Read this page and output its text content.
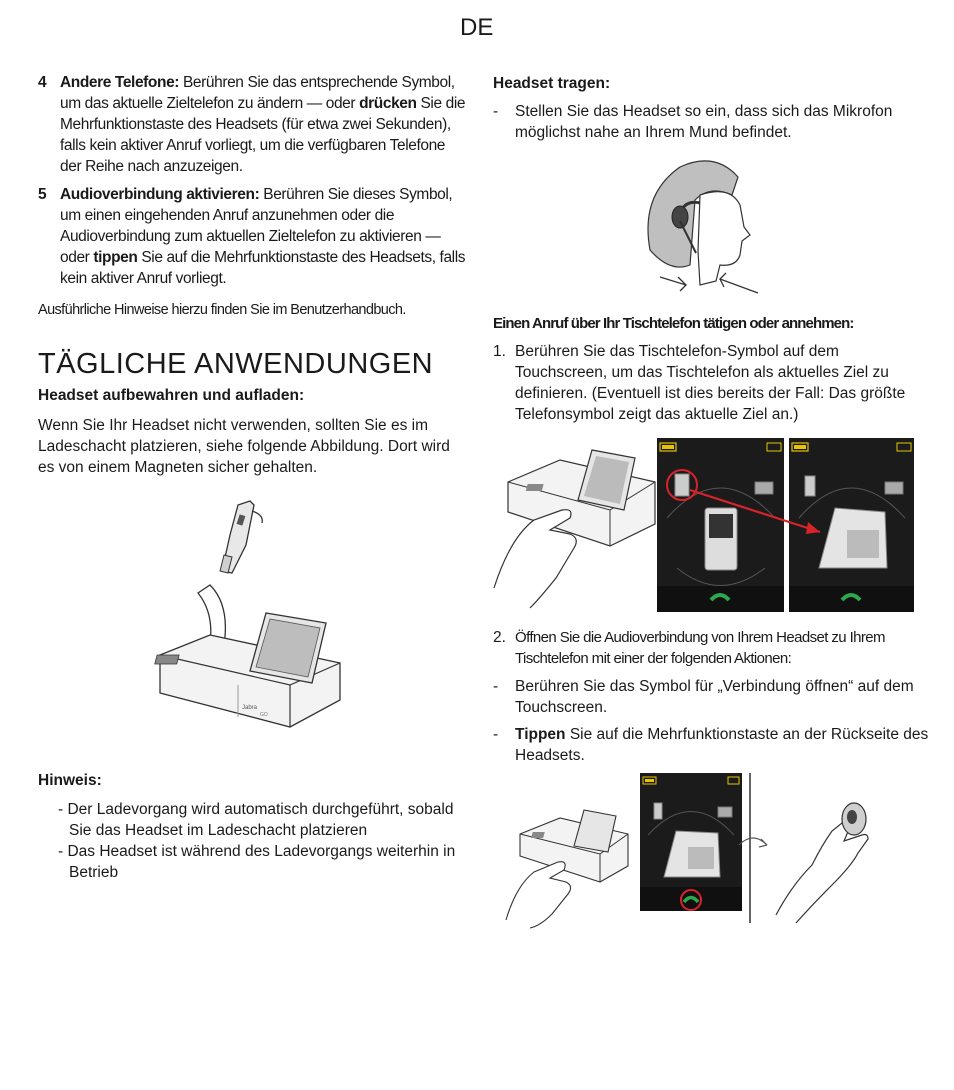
DE
4 Andere Telefone: Berühren Sie das entsprechende Symbol, um das aktuelle Zieltelefon zu ändern — oder drücken Sie die Mehrfunktionstaste des Headsets (für etwa zwei Sekunden), falls kein aktiver Anruf vorliegt, um die verfügbaren Telefone der Reihe nach anzuzeigen.

5 Audioverbindung aktivieren: Berühren Sie dieses Symbol, um einen eingehenden Anruf anzunehmen oder die Audioverbindung zum aktuellen Zieltelefon zu aktivieren — oder tippen Sie auf die Mehrfunktionstaste des Headsets, falls kein aktiver Anruf vorliegt.

Ausführliche Hinweise hierzu finden Sie im Benutzerhandbuch.

TÄGLICHE ANWENDUNGEN

Headset aufbewahren und aufladen:

Wenn Sie Ihr Headset nicht verwenden, sollten Sie es im Ladeschacht platzieren, siehe folgende Abbildung. Dort wird es von einem Magneten sicher gehalten.

Jabra
GO

Hinweis:

- Der Ladevorgang wird automatisch durchgeführt, sobald Sie das Headset im Ladeschacht platzieren

- Das Headset ist während des Ladevorgangs weiterhin in Betrieb

Headset tragen:

- Stellen Sie das Headset so ein, dass sich das Mikrofon möglichst nahe an Ihrem Mund befindet.

Einen Anruf über Ihr Tischtelefon tätigen oder annehmen:

1. Berühren Sie das Tischtelefon-Symbol auf dem Touchscreen, um das Tischtelefon als aktuelles Ziel zu definieren. (Eventuell ist dies bereits der Fall: Das größte Telefonsymbol zeigt das aktuelle Ziel an.)

2. Öffnen Sie die Audioverbindung von Ihrem Headset zu Ihrem Tischtelefon mit einer der folgenden Aktionen:

- Berühren Sie das Symbol für „Verbindung öffnen“ auf dem Touchscreen.

- Tippen Sie auf die Mehrfunktionstaste an der Rückseite des Headsets.
